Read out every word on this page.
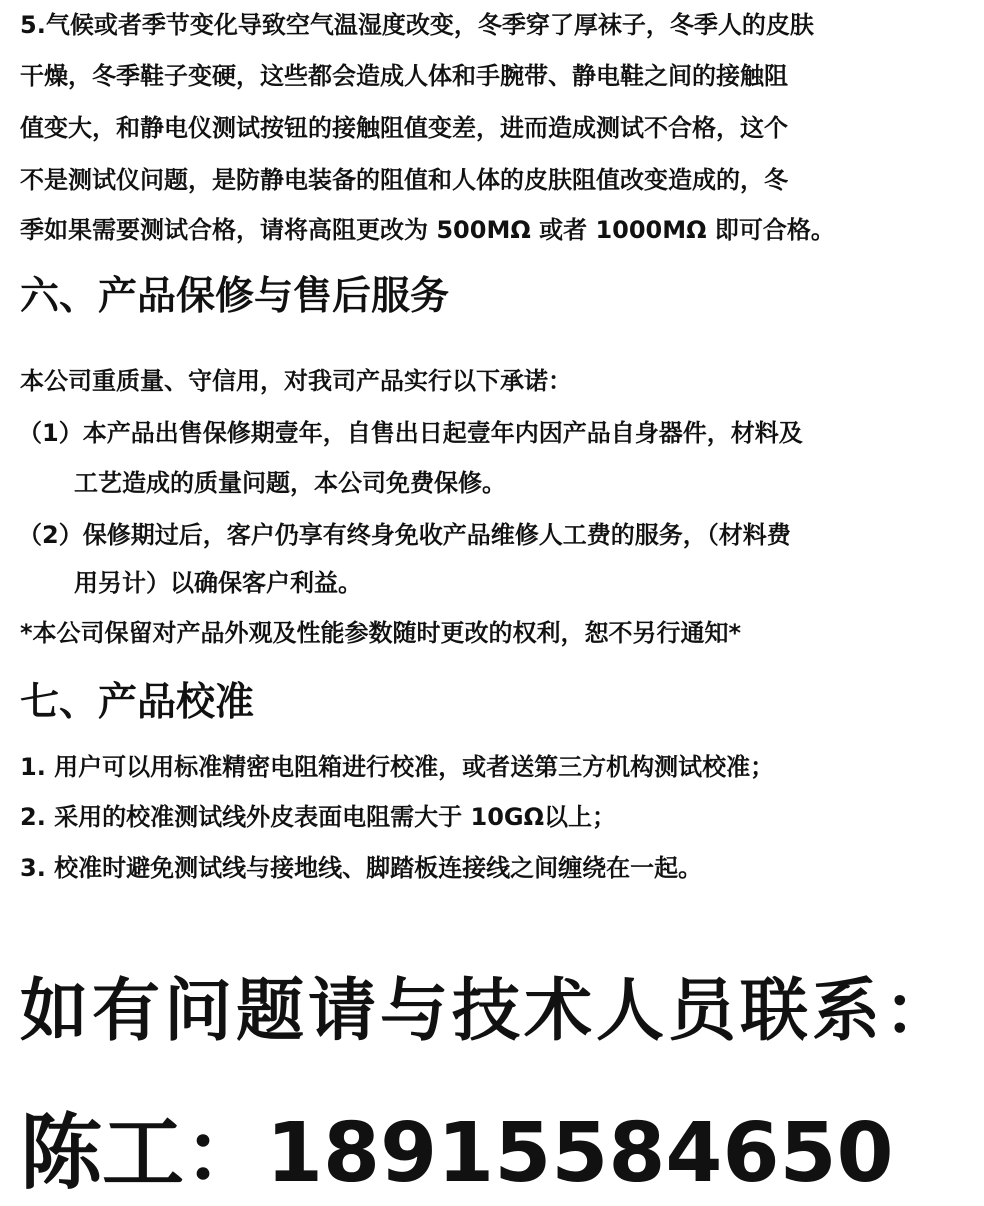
5.气候或者季节变化导致空气温湿度改变，冬季穿了厚袜子，冬季人的皮肤
干燥，冬季鞋子变硬，这些都会造成人体和手腕带、静电鞋之间的接触阻
值变大，和静电仪测试按钮的接触阻值变差，进而造成测试不合格，这个
不是测试仪问题，是防静电装备的阻值和人体的皮肤阻值改变造成的，冬
季如果需要测试合格，请将高阻更改为 500MΩ 或者 1000MΩ 即可合格。
六、产品保修与售后服务
本公司重质量、守信用，对我司产品实行以下承诺：
（1）本产品出售保修期壹年，自售出日起壹年内因产品自身器件，材料及
工艺造成的质量问题，本公司免费保修。
（2）保修期过后，客户仍享有终身免收产品维修人工费的服务，（材料费
用另计）以确保客户利益。
*本公司保留对产品外观及性能参数随时更改的权利，恕不另行通知*
七、产品校准
1. 用户可以用标准精密电阻箱进行校准，或者送第三方机构测试校准；
2. 采用的校准测试线外皮表面电阻需大于 10GΩ以上；
3. 校准时避免测试线与接地线、脚踏板连接线之间缠绕在一起。
如有问题请与技术人员联系：
陈工：18915584650
